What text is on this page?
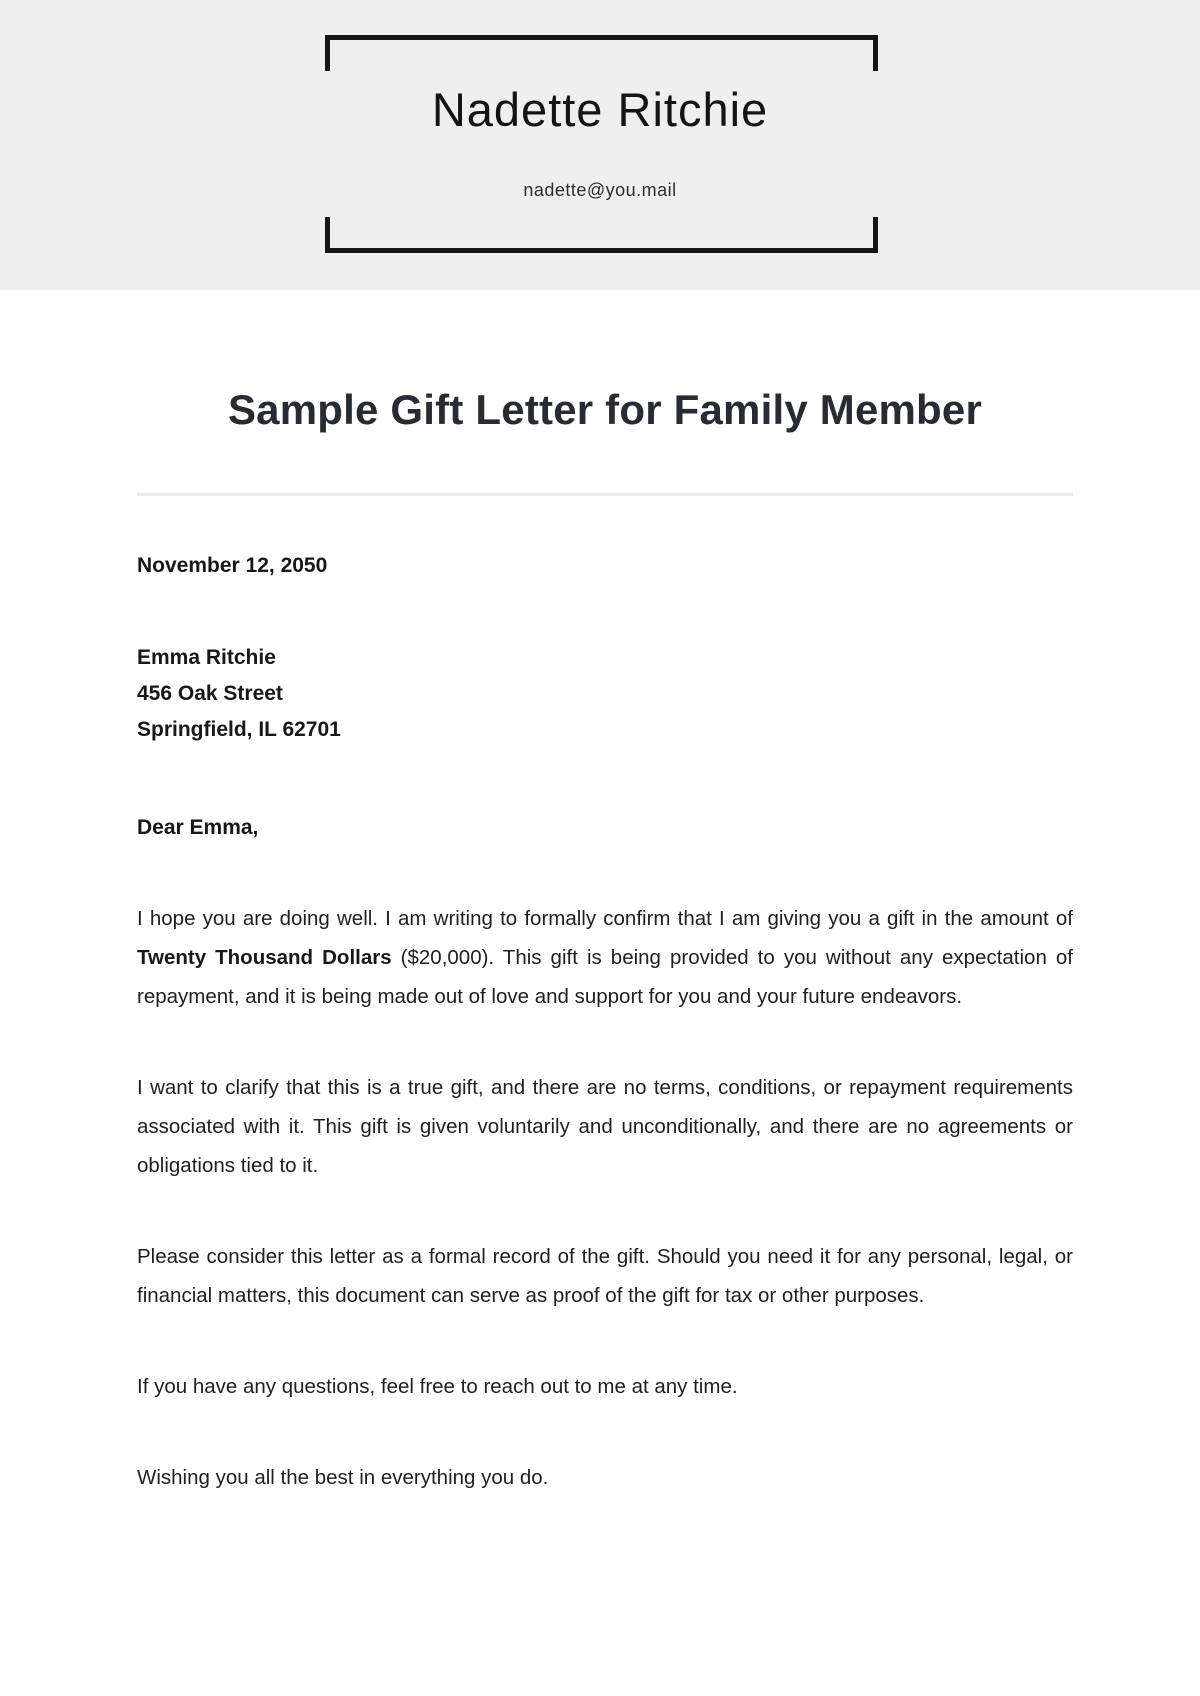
Nadette Ritchie
nadette@you.mail
Sample Gift Letter for Family Member
November 12, 2050
Emma Ritchie
456 Oak Street
Springfield, IL 62701
Dear Emma,

I hope you are doing well. I am writing to formally confirm that I am giving you a gift in the amount of Twenty Thousand Dollars ($20,000). This gift is being provided to you without any expectation of repayment, and it is being made out of love and support for you and your future endeavors.

I want to clarify that this is a true gift, and there are no terms, conditions, or repayment requirements associated with it. This gift is given voluntarily and unconditionally, and there are no agreements or obligations tied to it.

Please consider this letter as a formal record of the gift. Should you need it for any personal, legal, or financial matters, this document can serve as proof of the gift for tax or other purposes.

If you have any questions, feel free to reach out to me at any time.

Wishing you all the best in everything you do.
